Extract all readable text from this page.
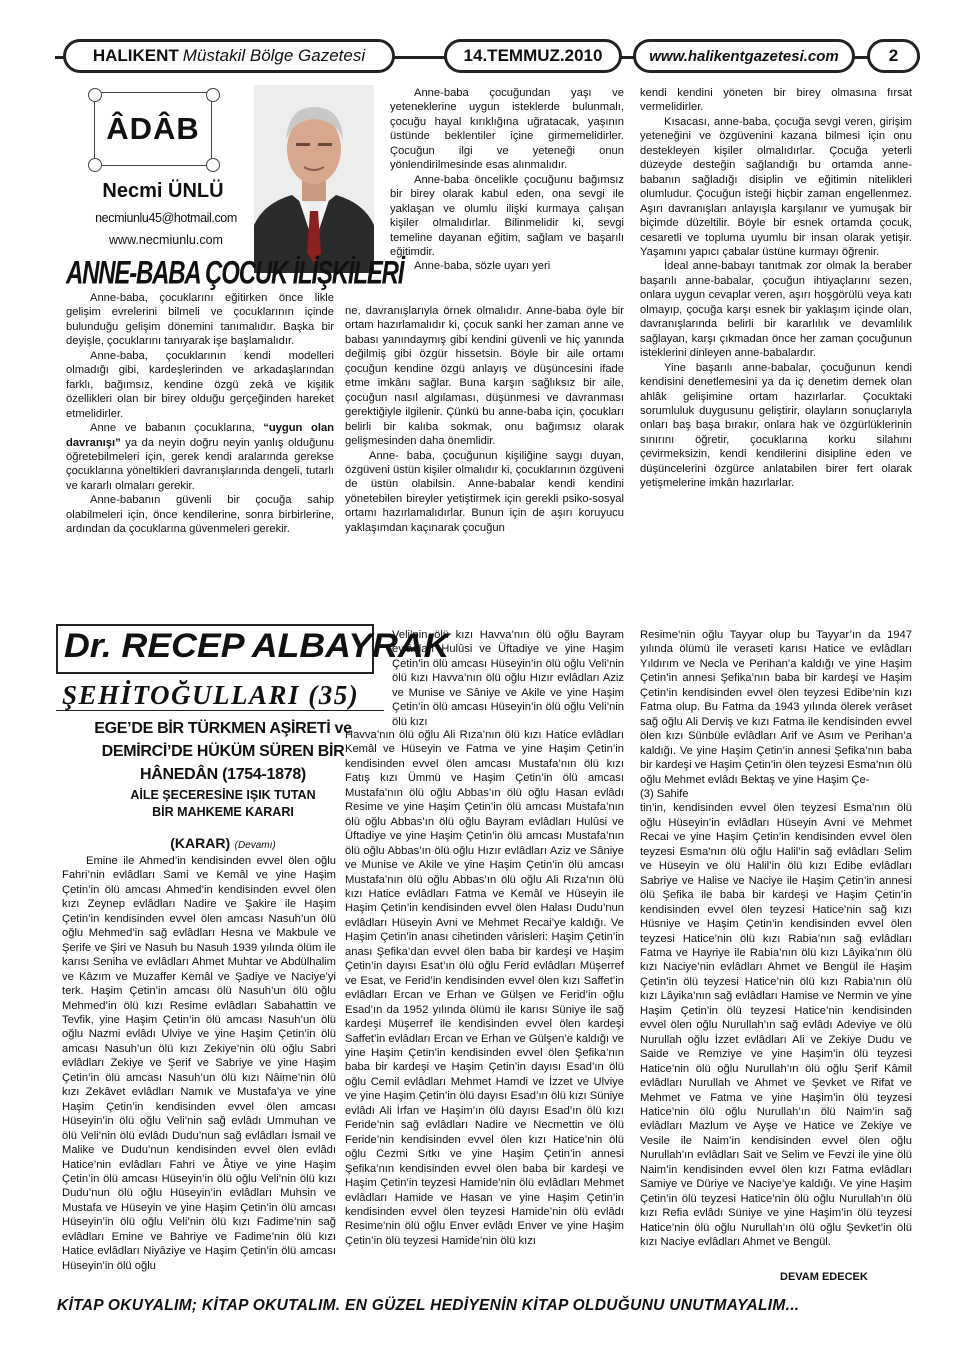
HALIKENT Müstakil Bölge Gazetesi	14.TEMMUZ.2010	www.halikentgazetesi.com	2
ÂDÂB
Necmi ÜNLÜ
necmiunlu45@hotmail.com
www.necmiunlu.com
ANNE-BABA ÇOCUK İLİŞKİLERİ

Anne-baba, çocuklarını eğitirken önce likle gelişim evrelerini bilmeli ve çocuklarının içinde bulunduğu gelişim dönemini tanımalıdır. Başka bir deyişle, çocuklarını tanıyarak işe başlamalıdır.

Anne-baba, çocuklarının kendi modelleri olmadığı gibi, kardeşlerinden ve arkadaşlarından farklı, bağımsız, kendine özgü zekâ ve kişilik özellikleri olan bir birey olduğu gerçeğinden hareket etmelidirler.

Anne ve babanın çocuklarına, “uygun olan davranışı” ya da neyin doğru neyin yanlış olduğunu öğretebilmeleri için, gerek kendi aralarında gerekse çocuklarına yöneltikleri davranışlarında dengeli, tutarlı ve kararlı olmaları gerekir.

Anne-babanın güvenli bir çocuğa sahip olabilmeleri için, önce kendilerine, sonra birbirlerine, ardından da çocuklarına güvenmeleri gerekir.

Anne-baba çocuğundan yaşı ve yeteneklerine uygun isteklerde bulunmalı, çocuğu hayal kırıklığına uğratacak, yaşının üstünde beklentiler içine girmemelidirler. Çocuğun ilgi ve yeteneği onun yönlendirilmesinde esas alınmalıdır.

Anne-baba öncelikle çocuğunu bağımsız bir birey olarak kabul eden, ona sevgi ile yaklaşan ve olumlu ilişki kurmaya çalışan kişiler olmalıdırlar. Bilinmelidir ki, sevgi temeline dayanan eğitim, sağlam ve başarılı eğitimdir.

Anne-baba, sözle uyarı yeri

ne, davranışlarıyla örnek olmalıdır. Anne-baba öyle bir ortam hazırlamalıdır ki, çocuk sanki her zaman anne ve babası yanındaymış gibi kendini güvenli ve hiç yanında değilmiş gibi özgür hissetsin. Böyle bir aile ortamı çocuğun kendine özgü anlayış ve düşüncesini ifade etme imkânı sağlar. Buna karşın sağlıksız bir aile, çocuğun nasıl algılaması, düşünmesi ve davranması gerektiğiyle ilgilenir. Çünkü bu anne-baba için, çocukları belirli bir kalıba sokmak, onu bağımsız olarak gelişmesinden daha önemlidir.

Anne- baba, çocuğunun kişiliğine saygı duyan, özgüveni üstün kişiler olmalıdır ki, çocuklarının özgüveni de üstün olabilsin. Anne-babalar kendi kendini yönetebilen bireyler yetiştirmek için gerekli psiko-sosyal ortamı hazırlamalıdırlar. Bunun için de aşırı koruyucu yaklaşımdan kaçınarak çocuğun

kendi kendini yöneten bir birey olmasına fırsat vermelidirler.

Kısacası, anne-baba, çocuğa sevgi veren, girişim yeteneğini ve özgüvenini kazana bilmesi için onu destekleyen kişiler olmalıdırlar. Çocuğa yeterli düzeyde desteğin sağlandığı bu ortamda anne-babanın sağladığı disiplin ve eğitimin nitelikleri olumludur. Çocuğun isteği hiçbir zaman engellenmez. Aşırı davranışları anlayışla karşılanır ve yumuşak bir biçimde düzeltilir. Böyle bir esnek ortamda çocuk, cesaretli ve topluma uyumlu bir insan olarak yetişir. Yaşamını yapıcı çabalar üstüne kurmayı öğrenir.

İdeal anne-babayı tanıtmak zor olmak la beraber başarılı anne-babalar, çocuğun ihtiyaçlarını sezen, onlara uygun cevaplar veren, aşırı hoşgörülü veya katı olmayıp, çocuğa karşı esnek bir yaklaşım içinde olan, davranışlarında belirli bir kararlılık ve devamlılık sağlayan, karşı çıkmadan önce her zaman çocuğunun isteklerini dinleyen anne-babalardır.

Yine başarılı anne-babalar, çocuğunun kendi kendisini denetlemesini ya da iç denetim demek olan ahlâk gelişimine ortam hazırlarlar. Çocuktaki sorumluluk duygusunu geliştirir, olayların sonuçlarıyla onları baş başa bırakır, onlara hak ve özgürlüklerinin sınırını öğretir, çocuklarına korku silahını çevirmeksizin, kendi kendilerini disipline eden ve düşüncelerini özgürce anlatabilen birer fert olarak yetişmelerine imkân hazırlarlar.

Dr. RECEP ALBAYRAK
ŞEHİTOĞULLARI (35)
EGE’DE BİR TÜRKMEN AŞİRETİ ve
DEMİRCİ’DE HÜKÜM SÜREN BİR
HÂNEDÂN (1754-1878)
AİLE ŞECERESİNE IŞIK TUTAN
BİR MAHKEME KARARI
(KARAR) (Devamı)

Emine ile Ahmed’in kendisinden evvel ölen oğlu Fahri’nin evlâdları Sami ve Kemâl ve yine Haşim Çetin’in ölü amcası Ahmed’in kendisinden evvel ölen kızı Zeynep evlâdları Nadire ve Şakire ile Haşim Çetin’in kendisinden evvel ölen amcası Nasuh’un ölü oğlu Mehmed’in sağ evlâdları Hesna ve Makbule ve Şerife ve Şiri ve Nasuh bu Nasuh 1939 yılında ölüm ile karısı Seniha ve evlâdları Ahmet Muhtar ve Abdülhalim ve Kâzım ve Muzaffer Kemâl ve Şadiye ve Naciye’yi terk. Haşim Çetin’in amcası ölü Nasuh’un ölü oğlu Mehmed’in ölü kızı Resime evlâdları Sabahattin ve Tevfik, yine Haşim Çetin’in ölü amcası Nasuh’un ölü oğlu Nazmi evlâdı Ulviye ve yine Haşim Çetin’in ölü amcası Nasuh’un ölü kızı Zekiye’nin ölü oğlu Sabri evlâdları Zekiye ve Şerif ve Sabriye ve yine Haşim Çetin’in ölü amcası Nasuh’un ölü kızı Nâime’nin ölü kızı Zekâvet evlâdları Namık ve Mustafa’ya ve yine Haşim Çetin’in kendisinden evvel ölen amcası Hüseyin’in ölü oğlu Veli’nin sağ evlâdı Ummuhan ve ölü Veli’nin ölü evlâdı Dudu’nun sağ evlâdları İsmail ve Malike ve Dudu’nun kendisinden evvel ölen evlâdı Hatice’nin evlâdları Fahri ve Âtiye ve yine Haşim Çetin’in ölü amcası Hüseyin’in ölü oğlu Veli’nin ölü kızı Dudu’nun ölü oğlu Hüseyin’in evlâdları Muhsin ve Mustafa ve Hüseyin ve yine Haşim Çetin’in ölü amcası Hüseyin’in ölü oğlu Veli’nin ölü kızı Fadime’nin sağ evlâdları Emine ve Bahriye ve Fadime’nin ölü kızı Hatice evlâdları Niyâziye ve Haşim Çetin’in ölü amcası Hüseyin’in ölü oğlu

Veli’nin ölü kızı Havva’nın ölü oğlu Bayram evlâdları Hulûsi ve Üftadiye ve yine Haşim Çetin’in ölü amcası Hüseyin’in ölü oğlu Veli’nin ölü kızı Havva’nın ölü oğlu Hızır evlâdları Aziz ve Munise ve Sâniye ve Akile ve yine Haşim Çetin’in ölü amcası Hüseyin’in ölü oğlu Veli’nin ölü kızı

Havva’nın ölü oğlu Ali Rıza’nın ölü kızı Hatice evlâdları Kemâl ve Hüseyin ve Fatma ve yine Haşim Çetin’in kendisinden evvel ölen amcası Mustafa’nın ölü kızı Fatış kızı Ümmü ve Haşim Çetin’in ölü amcası Mustafa’nın ölü oğlu Abbas’ın ölü oğlu Hasan evlâdı Resime ve yine Haşim Çetin’in ölü amcası Mustafa’nın ölü oğlu Abbas’ın ölü oğlu Bayram evlâdları Hulûsi ve Üftadiye ve yine Haşim Çetin’in ölü amcası Mustafa’nın ölü oğlu Abbas’ın ölü oğlu Hızır evlâdları Aziz ve Sâniye ve Munise ve Akile ve yine Haşim Çetin’in ölü amcası Mustafa’nın ölü oğlu Abbas’ın ölü oğlu Ali Rıza’nın ölü kızı Hatice evlâdları Fatma ve Kemâl ve Hüseyin ile Haşim Çetin’in kendisinden evvel ölen Halası Dudu’nun evlâdları Hüseyin Avni ve Mehmet Recai’ye kaldığı. Ve Haşim Çetin’in anası cihetinden vârisleri: Haşim Çetin’in anası Şefika’dan evvel ölen baba bir kardeşi ve Haşim Çetin’in dayısı Esat’ın ölü oğlu Ferid evlâdları Müşerref ve Esat, ve Ferid’in kendisinden evvel ölen kızı Saffet’in evlâdları Ercan ve Erhan ve Gülşen ve Ferid’in oğlu Esad’ın da 1952 yılında ölümü ile karısı Süniye ile sağ kardeşi Müşerref ile kendisinden evvel ölen kardeşi Saffet’in evlâdları Ercan ve Erhan ve Gülşen’e kaldığı ve yine Haşim Çetin’in kendisinden evvel ölen Şefika’nın baba bir kardeşi ve Haşim Çetin’in dayısı Esad’ın ölü oğlu Cemil evlâdları Mehmet Hamdi ve İzzet ve Ulviye ve yine Haşim Çetin’in ölü dayısı Esad’ın ölü kızı Süniye evlâdı Ali İrfan ve Haşim’ın ölü dayısı Esad’ın ölü kızı Feride’nin sağ evlâdları Nadire ve Necmettin ve ölü Feride’nin kendisinden evvel ölen kızı Hatice’nin ölü oğlu Cezmi Sıtkı ve yine Haşim Çetin’in annesi Şefika’nın kendisinden evvel ölen baba bir kardeşi ve Haşim Çetin’in teyzesi Hamide’nin ölü evlâdları Mehmet evlâdları Hamide ve Hasan ve yine Haşim Çetin’in kendisinden evvel ölen teyzesi Hamide’nin ölü evlâdı Resime’nin ölü oğlu Enver evlâdı Enver ve yine Haşim Çetin’in ölü teyzesi Hamide’nin ölü kızı

Resime’nin oğlu Tayyar olup bu Tayyar’ın da 1947 yılında ölümü ile veraseti karısı Hatice ve evlâdları Yıldırım ve Necla ve Perihan’a kaldığı ve yine Haşim Çetin’in annesi Şefika’nın baba bir kardeşi ve Haşim Çetin’in kendisinden evvel ölen teyzesi Edibe’nin kızı Fatma olup. Bu Fatma da 1943 yılında ölerek verâset sağ oğlu Ali Derviş ve kızı Fatma ile kendisinden evvel ölen kızı Sünbüle evlâdları Arif ve Asım ve Perihan’a kaldığı. Ve yine Haşim Çetin’in annesi Şefika’nın baba bir kardeşi ve Haşim Çetin’in ölen teyzesi Esma’nın ölü oğlu Mehmet evlâdı Bektaş ve yine Haşim Çe-

(3) Sahife

tin’in, kendisinden evvel ölen teyzesi Esma’nın ölü oğlu Hüseyin’in evlâdları Hüseyin Avni ve Mehmet Recai ve yine Haşim Çetin’in kendisinden evvel ölen teyzesi Esma’nın ölü oğlu Halil’in sağ evlâdları Selim ve Hüseyin ve ölü Halil’in ölü kızı Edibe evlâdları Sabriye ve Halise ve Naciye ile Haşim Çetin’in annesi ölü Şefika ile baba bir kardeşi ve Haşim Çetin’in kendisinden evvel ölen teyzesi Hatice’nin sağ kızı Hüsniye ve Haşim Çetin’in kendisinden evvel ölen teyzesi Hatice’nin ölü kızı Rabia’nın sağ evlâdları Fatma ve Hayriye ile Rabia’nın ölü kızı Lâyika’nın ölü kızı Naciye’nin evlâdları Ahmet ve Bengül ile Haşim Çetin’in ölü teyzesi Hatice’nin ölü kızı Rabia’nın ölü kızı Lâyika’nın sağ evlâdları Hamise ve Nermin ve yine Haşim Çetin’in ölü teyzesi Hatice’nin kendisinden evvel ölen oğlu Nurullah’ın sağ evlâdı Adeviye ve ölü Nurullah oğlu İzzet evlâdları Ali ve Zekiye Dudu ve Saide ve Remziye ve yine Haşim’in ölü teyzesi Hatice’nin ölü oğlu Nurullah’ın ölü oğlu Şerif Kâmil evlâdları Nurullah ve Ahmet ve Şevket ve Rifat ve Mehmet ve Fatma ve yine Haşim’in ölü teyzesi Hatice’nin ölü oğlu Nurullah’ın ölü Naim’in sağ evlâdları Mazlum ve Ayşe ve Hatice ve Zekiye ve Vesile ile Naim’in kendisinden evvel ölen oğlu Nurullah’ın evlâdları Sait ve Selim ve Fevzi ile yine ölü Naim’in kendisinden evvel ölen kızı Fatma evlâdları Samiye ve Düriye ve Naciye’ye kaldığı. Ve yine Haşim Çetin’in ölü teyzesi Hatice’nin ölü oğlu Nurullah’ın ölü kızı Refia evlâdı Süniye ve yine Haşim’in ölü teyzesi Hatice’nin ölü oğlu Nurullah’ın ölü oğlu Şevket’in ölü kızı Naciye evlâdları Ahmet ve Bengül.

DEVAM EDECEK
KİTAP OKUYALIM; KİTAP OKUTALIM. EN GÜZEL HEDİYENİN KİTAP OLDUĞUNU UNUTMAYALIM...
